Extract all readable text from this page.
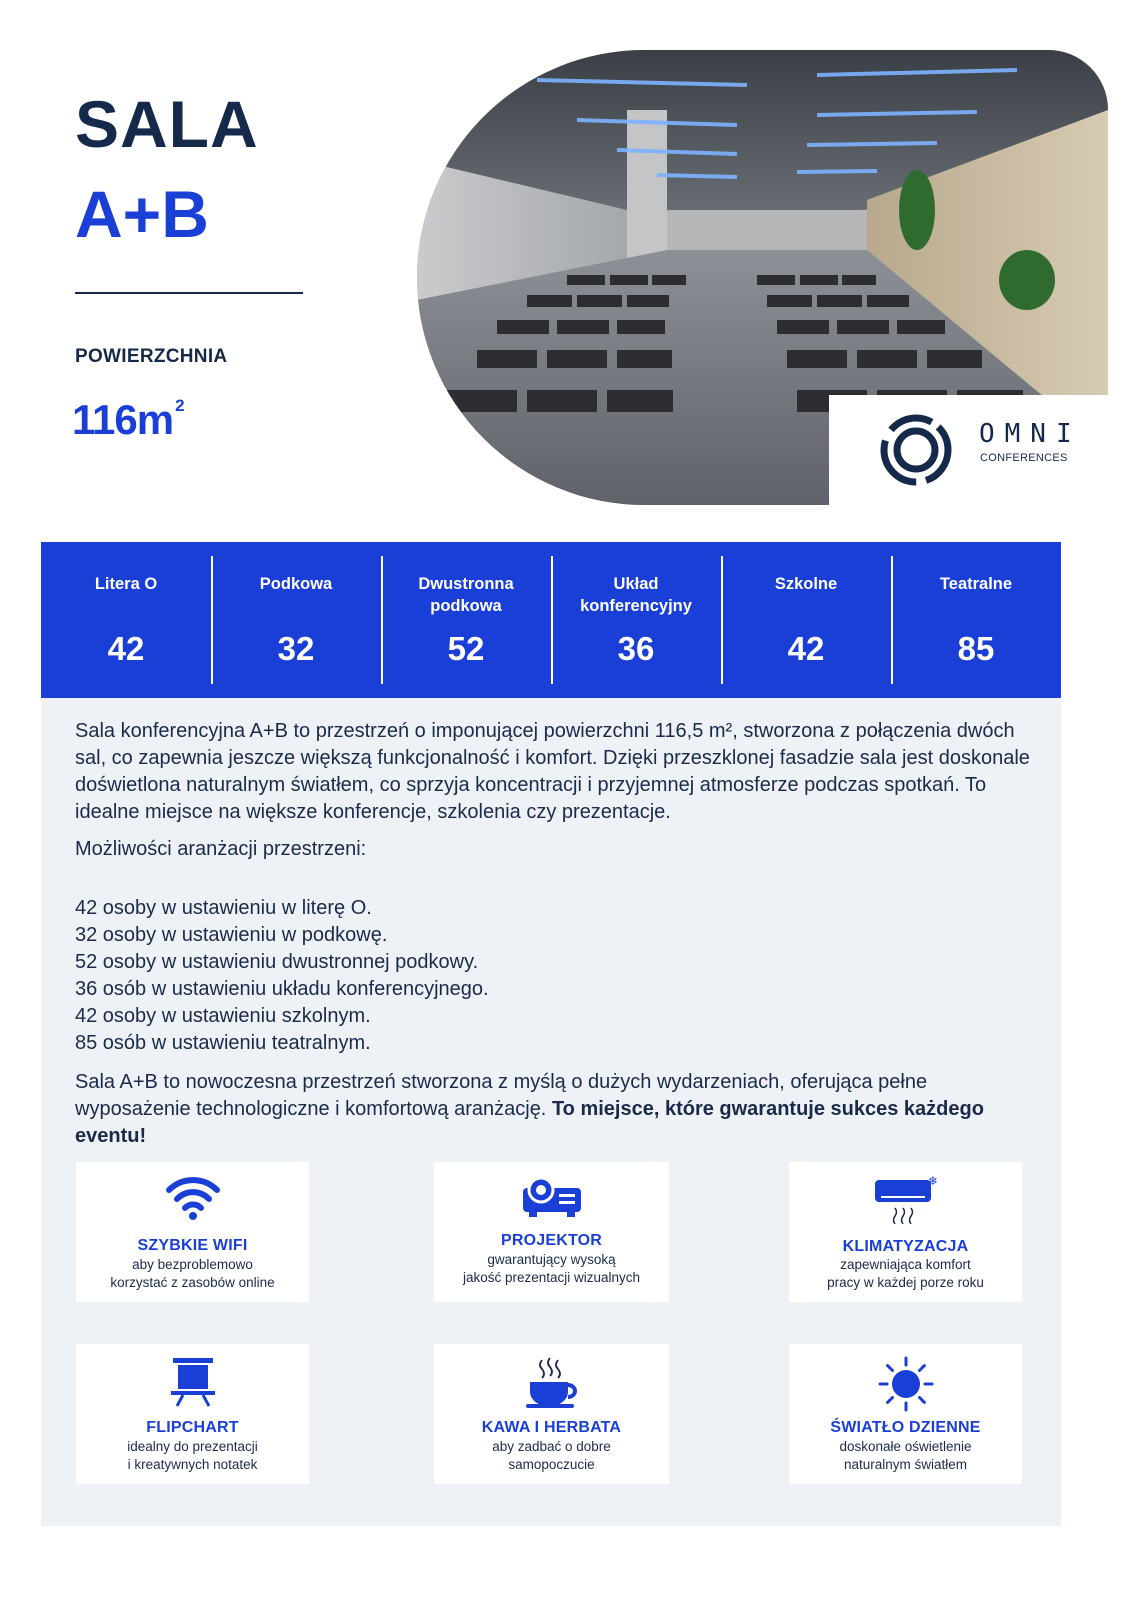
SALA
A+B
POWIERZCHNIA
116m $^2$
OMNI
CONFERENCES
Litera O
42
Podkowa
32
Dwustronna podkowa
52
Układ konferencyjny
36
Szkolne
42
Teatralne
85

Sala konferencyjna A+B to przestrzeń o imponującej powierzchni 116,5 m², stworzona z połączenia dwóch sal, co zapewnia jeszcze większą funkcjonalność i komfort. Dzięki przeszklonej fasadzie sala jest doskonale doświetlona naturalnym światłem, co sprzyja koncentracji i przyjemnej atmosferze podczas spotkań. To idealne miejsce na większe konferencje, szkolenia czy prezentacje.

Możliwości aranżacji przestrzeni:

42 osoby w ustawieniu w literę O.
32 osoby w ustawieniu w podkowę.
52 osoby w ustawieniu dwustronnej podkowy.
36 osób w ustawieniu układu konferencyjnego.
42 osoby w ustawieniu szkolnym.
85 osób w ustawieniu teatralnym.

Sala A+B to nowoczesna przestrzeń stworzona z myślą o dużych wydarzeniach, oferująca pełne wyposażenie technologiczne i komfortową aranżację. To miejsce, które gwarantuje sukces każdego eventu!

SZYBKIE WIFI
aby bezproblemowo
korzystać z zasobów online
PROJEKTOR
gwarantujący wysoką
jakość prezentacji wizualnych
❄
KLIMATYZACJA
zapewniająca komfort
pracy w każdej porze roku
FLIPCHART
idealny do prezentacji
i kreatywnych notatek
KAWA I HERBATA
aby zadbać o dobre
samopoczucie
ŚWIATŁO DZIENNE
doskonałe oświetlenie
naturalnym światłem
